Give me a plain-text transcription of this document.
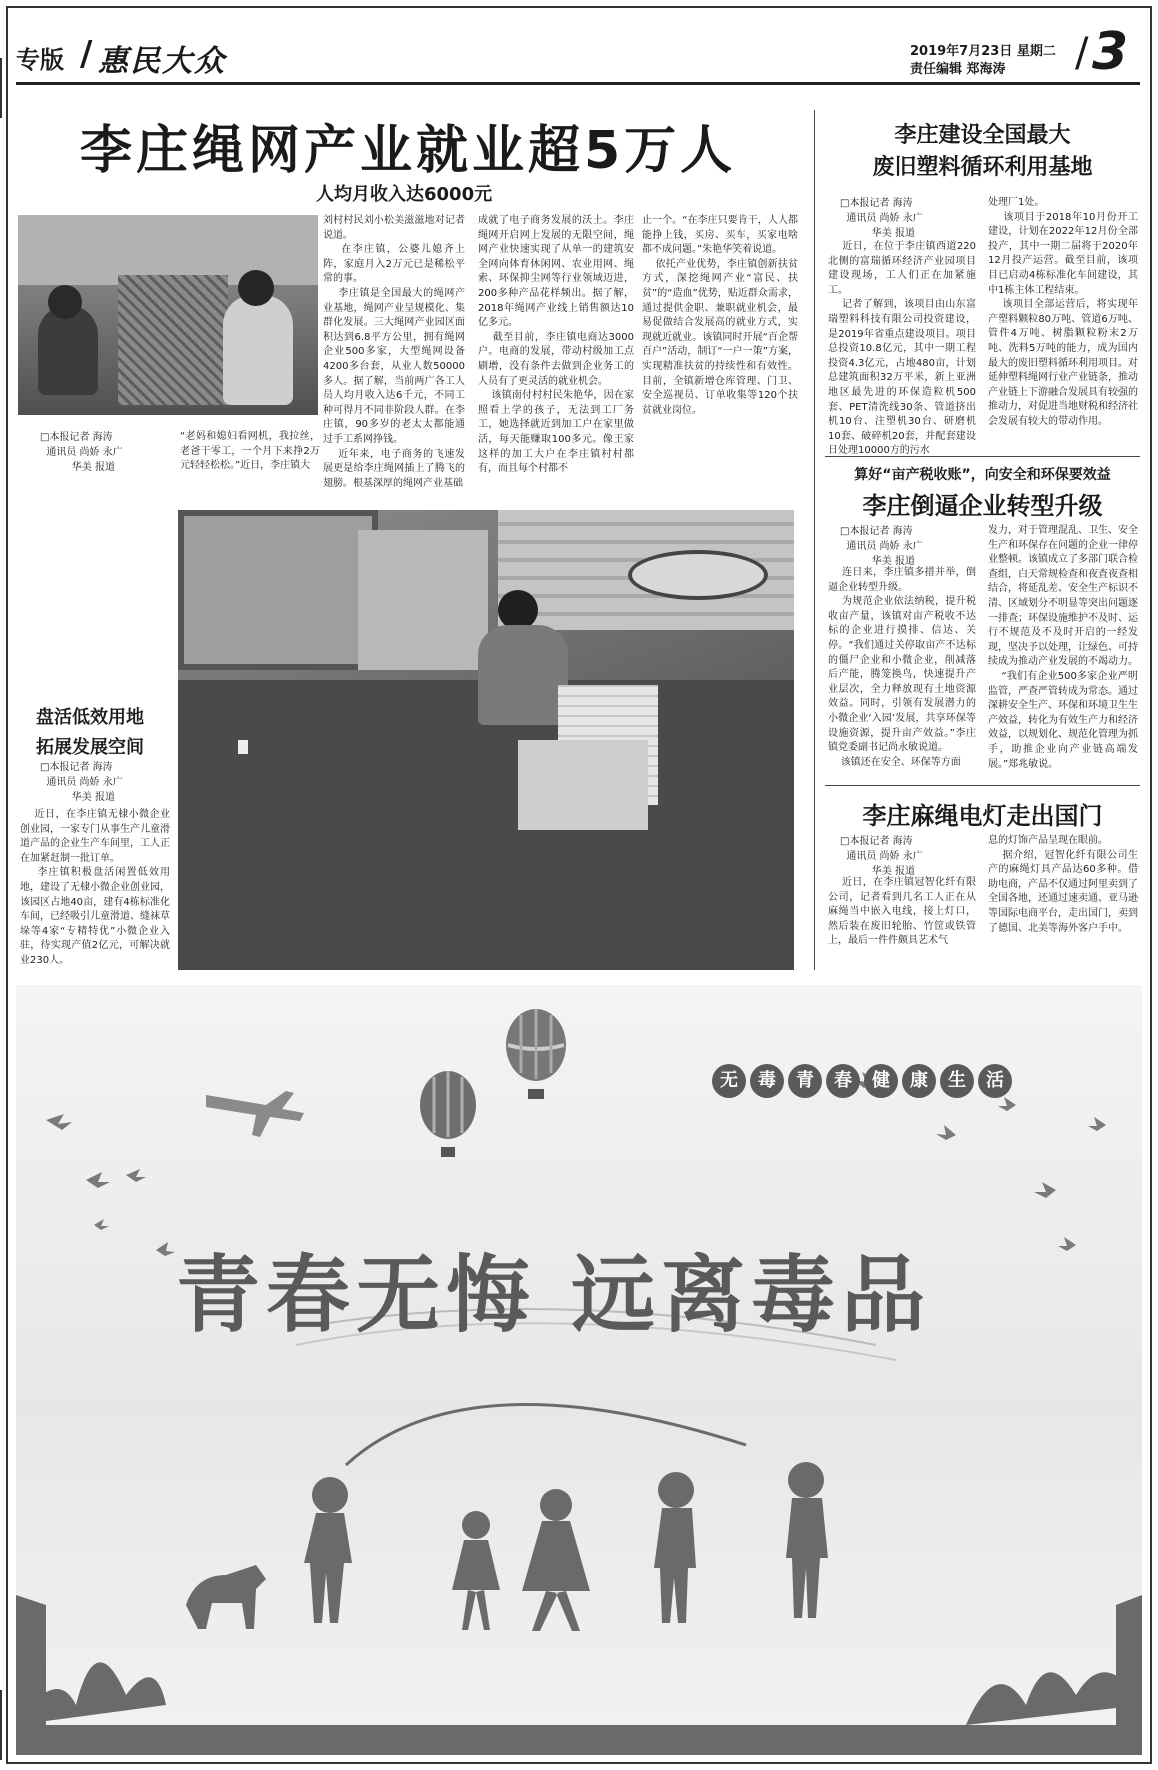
专版 / 惠民大众	2019年7月23日 星期二
责任编辑 郑海涛 / 3
李庄绳网产业就业超5万人
人均月收入达6000元
□本报记者 海涛
通讯员 尚娇 永广
华美 报道
“老妈和媳妇看网机，我拉丝，老爸干零工，一个月下来挣2万元轻轻松松。”近日，李庄镇大
刘村村民刘小松美滋滋地对记者说道。
在李庄镇，公婆儿媳齐上阵，家庭月入2万元已是稀松平常的事。
李庄镇是全国最大的绳网产业基地，绳网产业呈规模化、集群化发展。三大绳网产业园区面积达到6.8平方公里，拥有绳网企业500多家，大型绳网设备4200多台套，从业人数50000多人。据了解，当前两广各工人员人均月收入达6千元，不同工种可得月不同非阶段人群。在李庄镇，90多岁的老太太都能通过手工系网挣钱。
近年来，电子商务的飞速发展更是给李庄绳网插上了腾飞的翅膀。根基深厚的绳网产业基础
成就了电子商务发展的沃土。李庄绳网开启网上发展的无限空间，绳网产业快速实现了从单一的建筑安全网向体育休闲网、农业用网、绳索、环保抑尘网等行业领域迈进，200多种产品花样频出。据了解，2018年绳网产业线上销售额达10亿多元。
截至目前，李庄镇电商达3000户。电商的发展，带动村级加工点刷增，没有条件去做到企业务工的人员有了更灵活的就业机会。
该镇南付村村民朱艳华，因在家照看上学的孩子，无法到工厂务工，她选择就近到加工户在家里做活，每天能赚取100多元。像王家这样的加工大户在李庄镇村村都有，而且每个村都不
止一个。“在李庄只要肯干，人人都能挣上钱，买房、买车，买家电啥都不成问题。”朱艳华笑着说道。
依托产业优势，李庄镇创新扶贫方式，深挖绳网产业“富民、扶贫”的“造血”优势，贴近群众需求，通过提供金职、兼职就业机会，最易促做结合发展高的就业方式，实现就近就业。该镇同时开展“百企帮百户”活动，制订“一户一策”方案，实现精准扶贫的持续性和有效性。目前，全镇新增仓库管理、门卫、安全巡视员、订单收集等120个扶贫就业岗位。
盘活低效用地
拓展发展空间
□本报记者 海涛
通讯员 尚娇 永广
华美 报道
近日，在李庄镇无棣小微企业创业园，一家专门从事生产儿童滑道产品的企业生产车间里，工人正在加紧赶制一批订单。
李庄镇积极盘活闲置低效用地，建设了无棣小微企业创业园，该园区占地40亩，建有4栋标准化车间，已经吸引儿童滑道、缝袜草垛等4家“专精特优”小微企业入驻，待实现产值2亿元，可解决就业230人。
李庄建设全国最大
废旧塑料循环利用基地
□本报记者 海涛
通讯员 尚娇 永广
华美 报道
近日，在位于李庄镇西道220北侧的富瑞循环经济产业园项目建设现场，工人们正在加紧施工。
记者了解到，该项目由山东富瑞塑料科技有限公司投资建设，是2019年省重点建设项目。项目总投资10.8亿元，其中一期工程投资4.3亿元，占地480亩，计划总建筑面积32万平米，新上亚洲地区最先进的环保造粒机500套、PET清洗线30条、管道挤出机10台、注塑机30台、研磨机10套、破碎机20套，并配套建设日处理10000方的污水
处理厂1处。
该项目于2018年10月份开工建设，计划在2022年12月份全部投产，其中一期二届将于2020年12月投产运营。截至目前，该项目已启动4栋标准化车间建设，其中1栋主体工程结束。
该项目全部运营后，将实现年产塑料颗粒80万吨、管道6万吨、管件4万吨、树脂颗粒粉末2万吨、洗料5万吨的能力，成为国内最大的废旧塑料循环利用项目。对延伸塑料绳网行业产业链条，推动产业链上下游融合发展具有较强的推动力，对促进当地财税和经济社会发展有较大的带动作用。
算好“亩产税收账”，向安全和环保要效益
李庄倒逼企业转型升级
□本报记者 海涛
通讯员 尚娇 永广
华美 报道
连日来，李庄镇多措并举，倒逼企业转型升级。
为规范企业依法纳税，提升税收亩产量，该镇对亩产税收不达标的企业进行摸排、信达、关停。“我们通过关停取亩产不达标的僵尸企业和小微企业，削减落后产能，腾笼换鸟，快速提升产业层次，全力释放现有土地资源效益。同时，引领有发展潜力的小微企业‘入园’发展，共享环保等设施资源，提升亩产效益。”李庄镇党委副书记尚永敏说道。
该镇还在安全、环保等方面
发力，对于管理混乱、卫生、安全生产和环保存在问题的企业一律停业整顿。该镇成立了多部门联合检查组，白天常规检查和夜査夜查相结合，将延乱差、安全生产标识不清、区域划分不明显等突出问题逐一排查；环保设施维护不及时、运行不规范及不及时开启的一经发现，坚决予以处理，让绿色、可持续成为推动产业发展的不竭动力。
“我们有企业500多家企业严明监管，严查严管转成为常态。通过深耕安全生产、环保和环境卫生生产效益，转化为有效生产力和经济效益，以规划化、规范化管理为抓手，助推企业向产业链高端发展。”郑兆敏说。
李庄麻绳电灯走出国门
□本报记者 海涛
通讯员 尚娇 永广
华美 报道
近日，在李庄镇冠智化纤有限公司，记者看到几名工人正在从麻绳当中嵌入电线，接上灯口，然后装在废旧轮胎、竹筐或铁管上，最后一件件颇具艺术气
息的灯饰产品呈现在眼前。
据介绍，冠智化纤有限公司生产的麻绳灯具产品达60多种。借助电商，产品不仅通过阿里卖到了全国各地，还通过速卖通、亚马逊等国际电商平台，走出国门，卖到了德国、北美等海外客户手中。
无	毒	青	春	健	康	生	活
青春无悔 远离毒品
